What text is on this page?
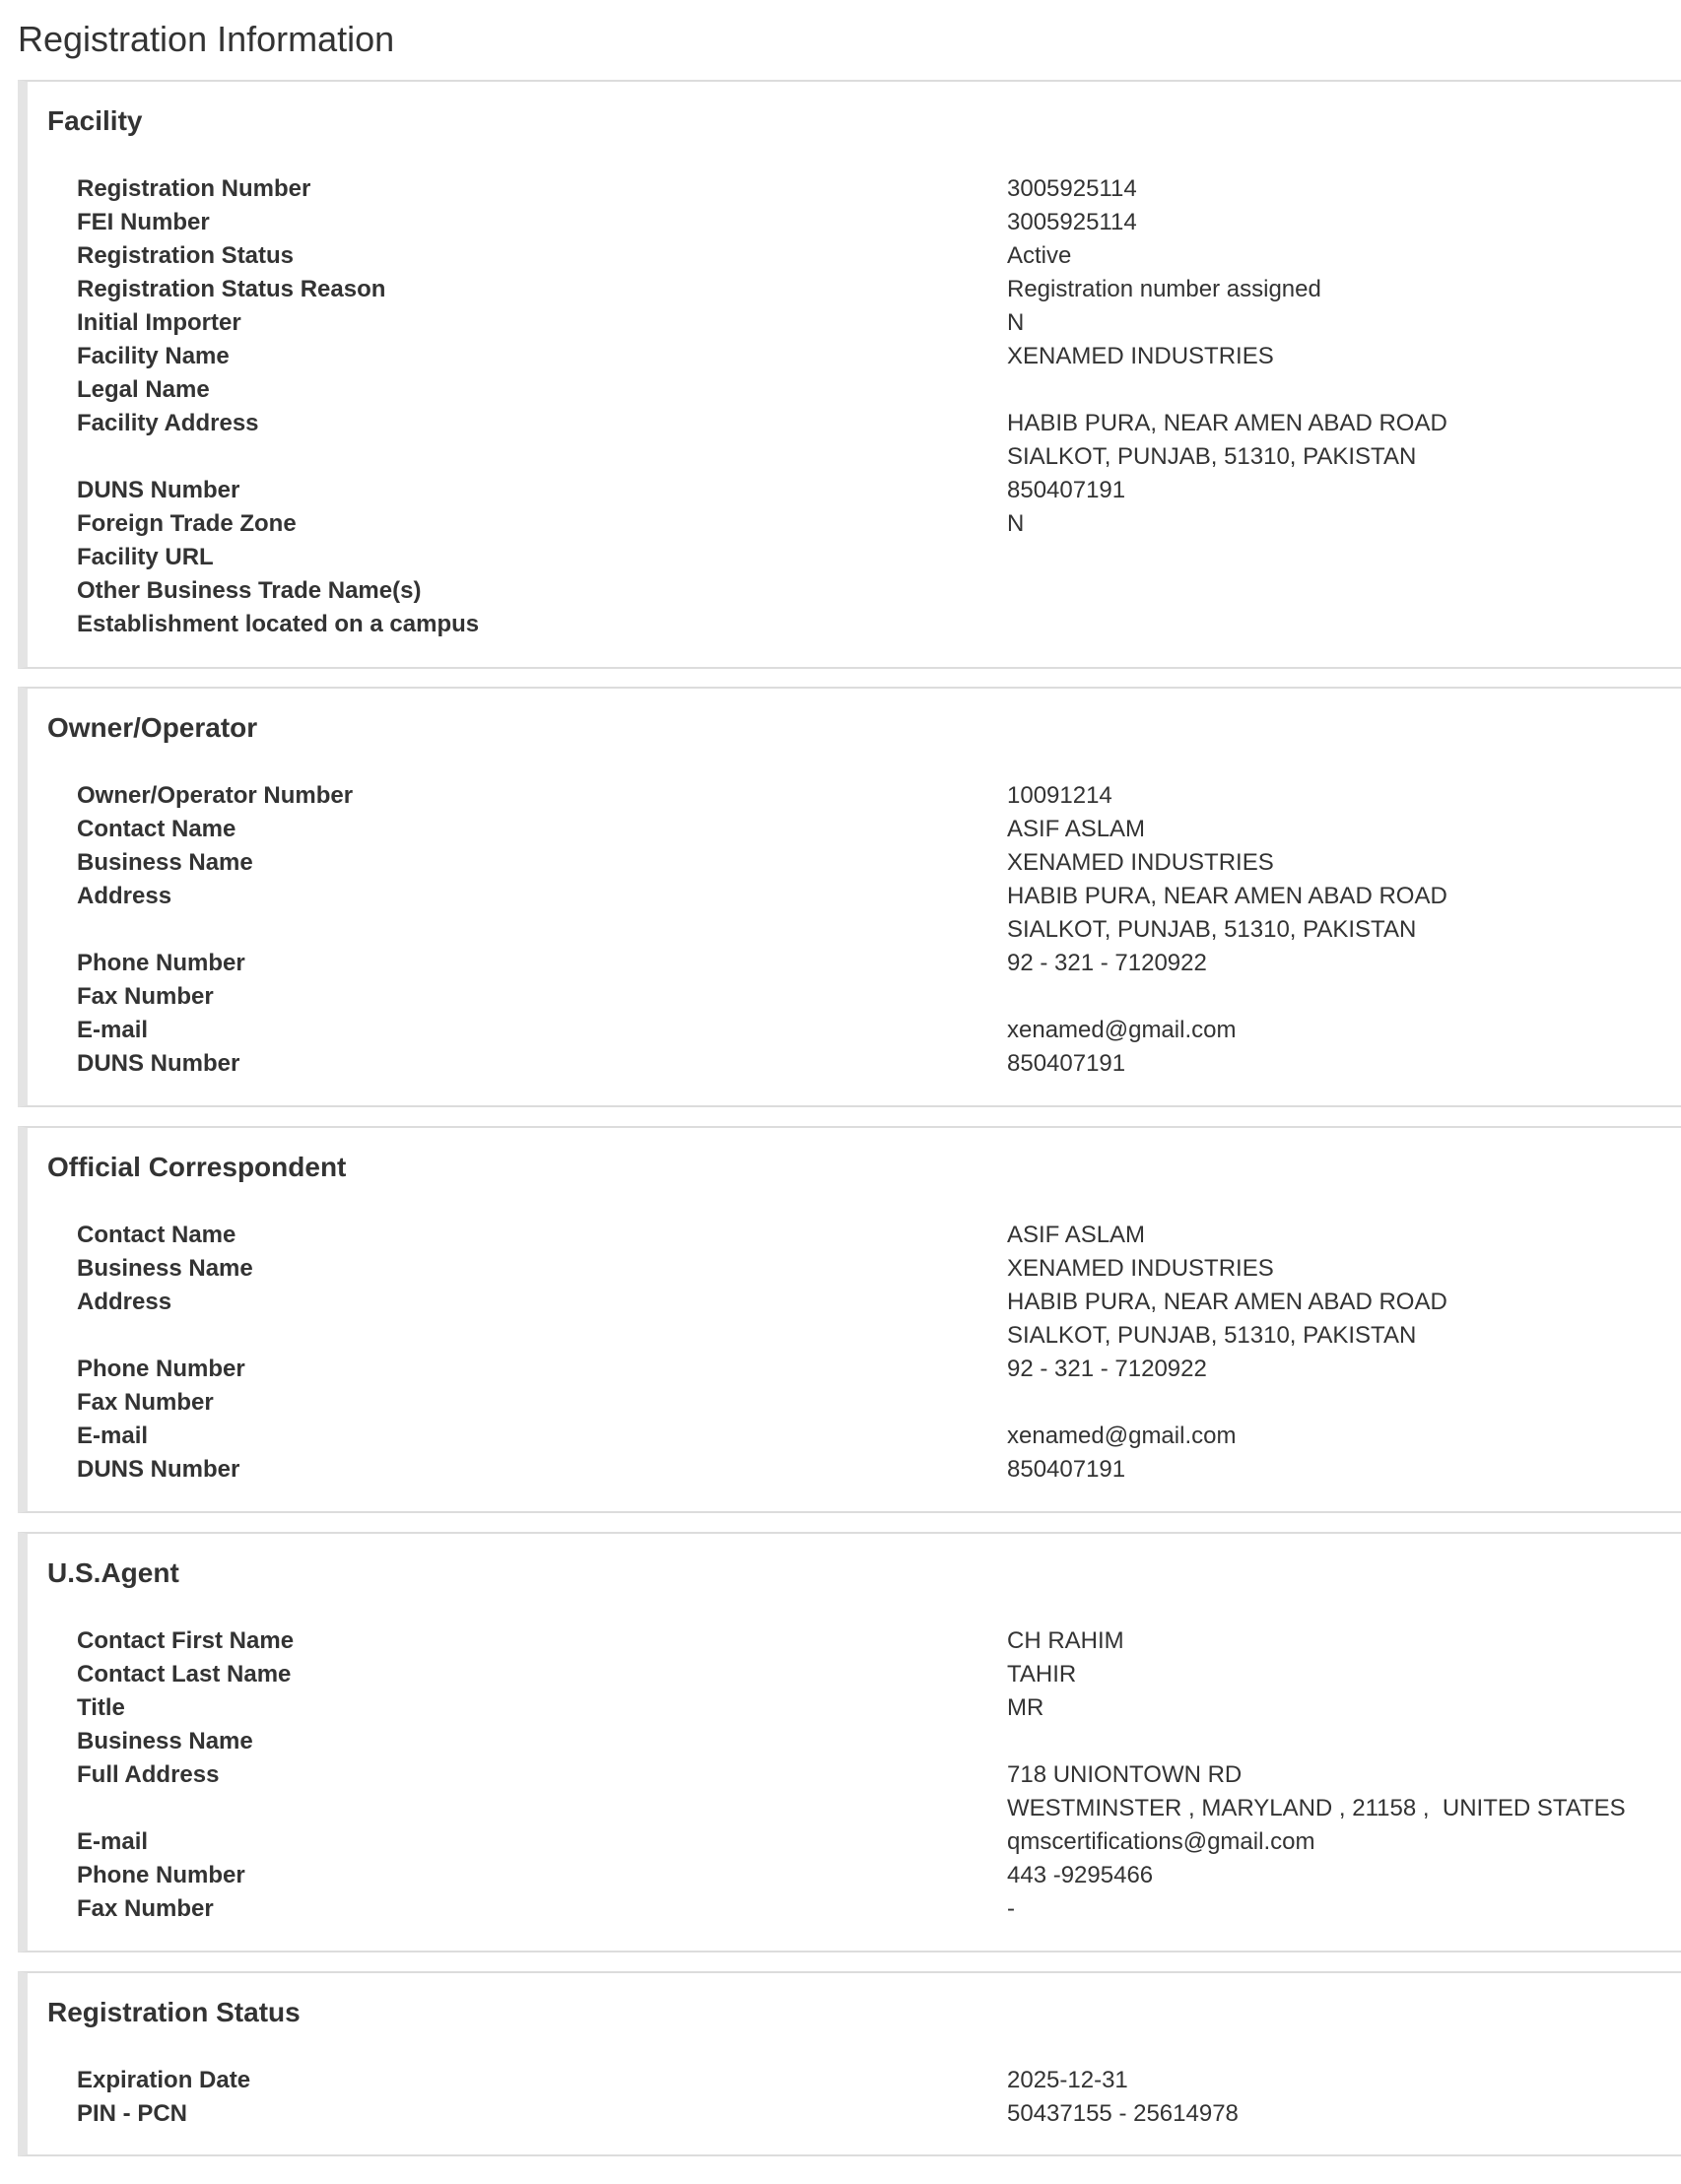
Registration Information
Facility
Registration Number	3005925114
FEI Number	3005925114
Registration Status	Active
Registration Status Reason	Registration number assigned
Initial Importer	N
Facility Name	XENAMED INDUSTRIES
Legal Name
Facility Address	HABIB PURA, NEAR AMEN ABAD ROAD
SIALKOT, PUNJAB, 51310, PAKISTAN
DUNS Number	850407191
Foreign Trade Zone	N
Facility URL
Other Business Trade Name(s)
Establishment located on a campus
Owner/Operator
Owner/Operator Number	10091214
Contact Name	ASIF ASLAM
Business Name	XENAMED INDUSTRIES
Address	HABIB PURA, NEAR AMEN ABAD ROAD
SIALKOT, PUNJAB, 51310, PAKISTAN
Phone Number	92 - 321 - 7120922
Fax Number
E-mail	xenamed@gmail.com
DUNS Number	850407191
Official Correspondent
Contact Name	ASIF ASLAM
Business Name	XENAMED INDUSTRIES
Address	HABIB PURA, NEAR AMEN ABAD ROAD
SIALKOT, PUNJAB, 51310, PAKISTAN
Phone Number	92 - 321 - 7120922
Fax Number
E-mail	xenamed@gmail.com
DUNS Number	850407191
U.S.Agent
Contact First Name	CH RAHIM
Contact Last Name	TAHIR
Title	MR
Business Name
Full Address	718 UNIONTOWN RD
WESTMINSTER , MARYLAND , 21158 ,  UNITED STATES
E-mail	qmscertifications@gmail.com
Phone Number	443 -9295466
Fax Number	-
Registration Status
Expiration Date	2025-12-31
PIN - PCN	50437155 - 25614978
